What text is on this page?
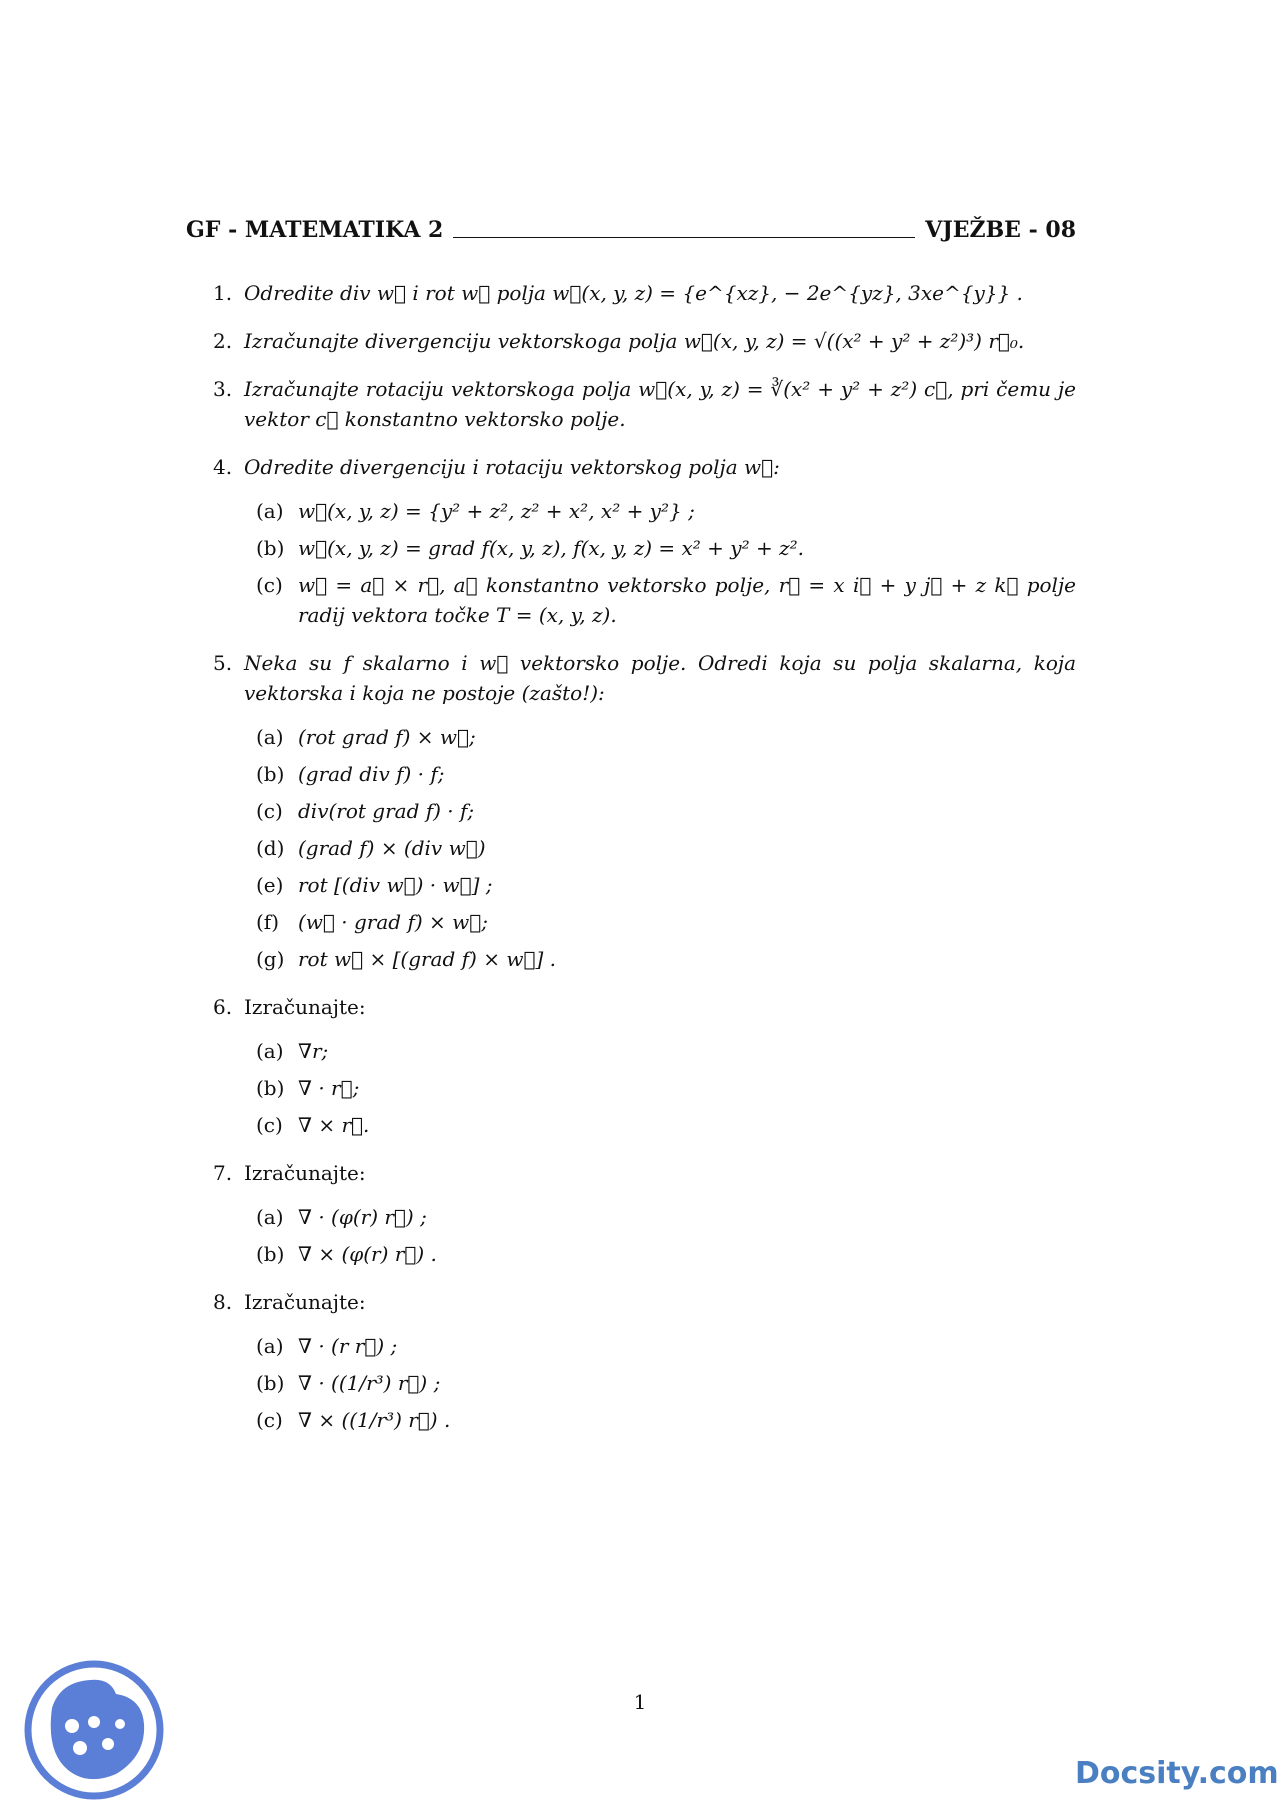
GF - MATEMATIKA 2	VJEŽBE - 08
1. Odredite div w⃗ i rot w⃗ polja w⃗(x, y, z) = {e^{xz}, − 2e^{yz}, 3xe^{y}} .
2. Izračunajte divergenciju vektorskoga polja w⃗(x, y, z) = √((x² + y² + z²)³) r⃗₀.
3. Izračunajte rotaciju vektorskoga polja w⃗(x, y, z) = ∛(x² + y² + z²) c⃗, pri čemu je vektor c⃗ konstantno vektorsko polje.
4. Odredite divergenciju i rotaciju vektorskog polja w⃗:
(a) w⃗(x, y, z) = {y² + z², z² + x², x² + y²} ;
(b) w⃗(x, y, z) = grad f(x, y, z), f(x, y, z) = x² + y² + z².
(c) w⃗ = a⃗ × r⃗, a⃗ konstantno vektorsko polje, r⃗ = x i⃗ + y j⃗ + z k⃗ polje radij vektora točke T = (x, y, z).
5. Neka su f skalarno i w⃗ vektorsko polje. Odredi koja su polja skalarna, koja vektorska i koja ne postoje (zašto!):
(a) (rot grad f) × w⃗;
(b) (grad div f) · f;
(c) div(rot grad f) · f;
(d) (grad f) × (div w⃗)
(e) rot [(div w⃗) · w⃗] ;
(f) (w⃗ · grad f) × w⃗;
(g) rot w⃗ × [(grad f) × w⃗] .
6. Izračunajte:
(a) ∇r;
(b) ∇ · r⃗;
(c) ∇ × r⃗.
7. Izračunajte:
(a) ∇ · (φ(r) r⃗) ;
(b) ∇ × (φ(r) r⃗) .
8. Izračunajte:
(a) ∇ · (r r⃗) ;
(b) ∇ · ((1/r³) r⃗) ;
(c) ∇ × ((1/r³) r⃗) .
1
Docsity.com
